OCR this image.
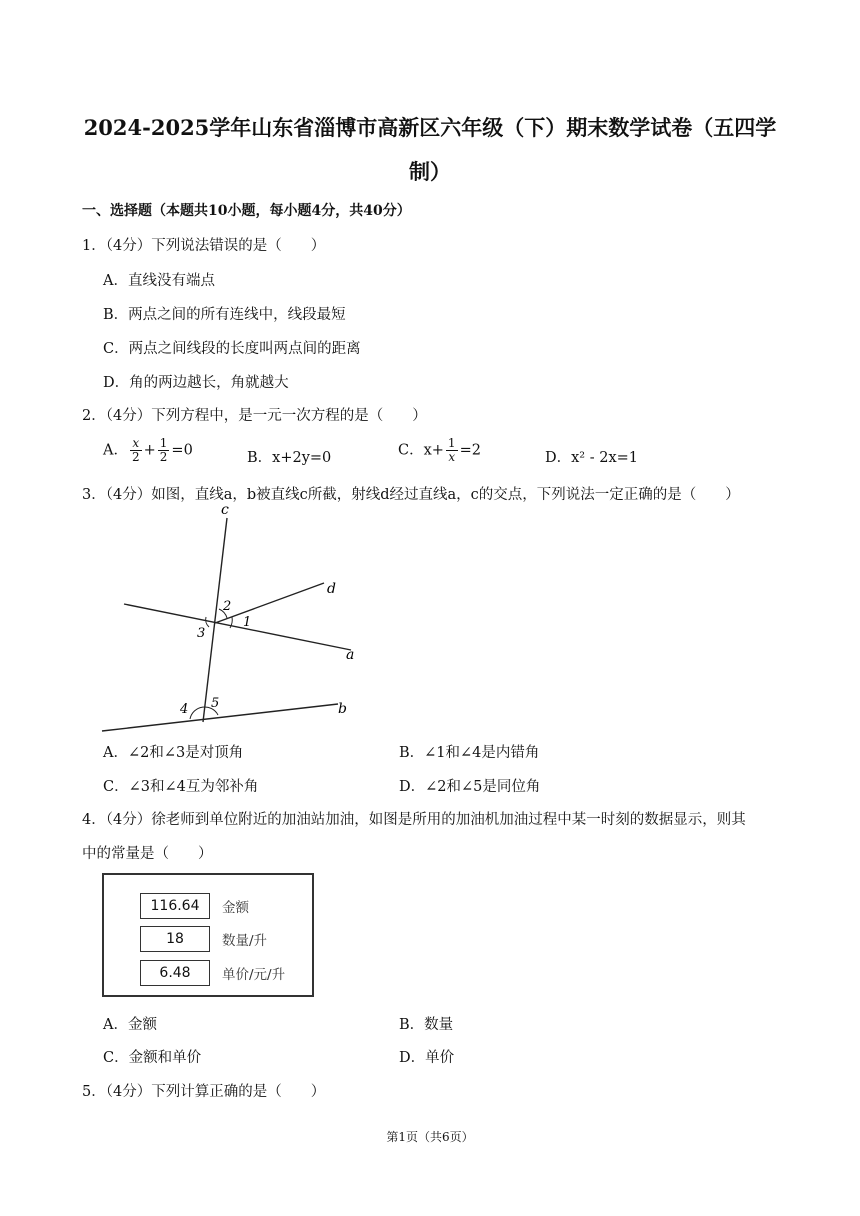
2024-2025学年山东省淄博市高新区六年级（下）期末数学试卷（五四学
制）
一、选择题（本题共10小题，每小题4分，共40分）
1．（4分）下列说法错误的是（　　）
A．直线没有端点
B．两点之间的所有连线中，线段最短
C．两点之间线段的长度叫两点间的距离
D．角的两边越长，角就越大
2．（4分）下列方程中，是一元一次方程的是（　　）
A． $\frac{x}{2} + \frac{1}{2} =0$	B．x+2y=0	C．$x+ \frac{1}{x} =2$	D．x² - 2x=1
3．（4分）如图，直线a，b被直线c所截，射线d经过直线a，c的交点，下列说法一定正确的是（　　）
c
d
a
b
1
2
3
4 5
A．∠2和∠3是对顶角	B．∠1和∠4是内错角
C．∠3和∠4互为邻补角	D．∠2和∠5是同位角
4．（4分）徐老师到单位附近的加油站加油，如图是所用的加油机加油过程中某一时刻的数据显示，则其
中的常量是（　　）
116.64	金额
18	数量/升
6.48	单价/元/升
A．金额	B．数量
C．金额和单价	D．单价
5．（4分）下列计算正确的是（　　）
第1页（共6页）
